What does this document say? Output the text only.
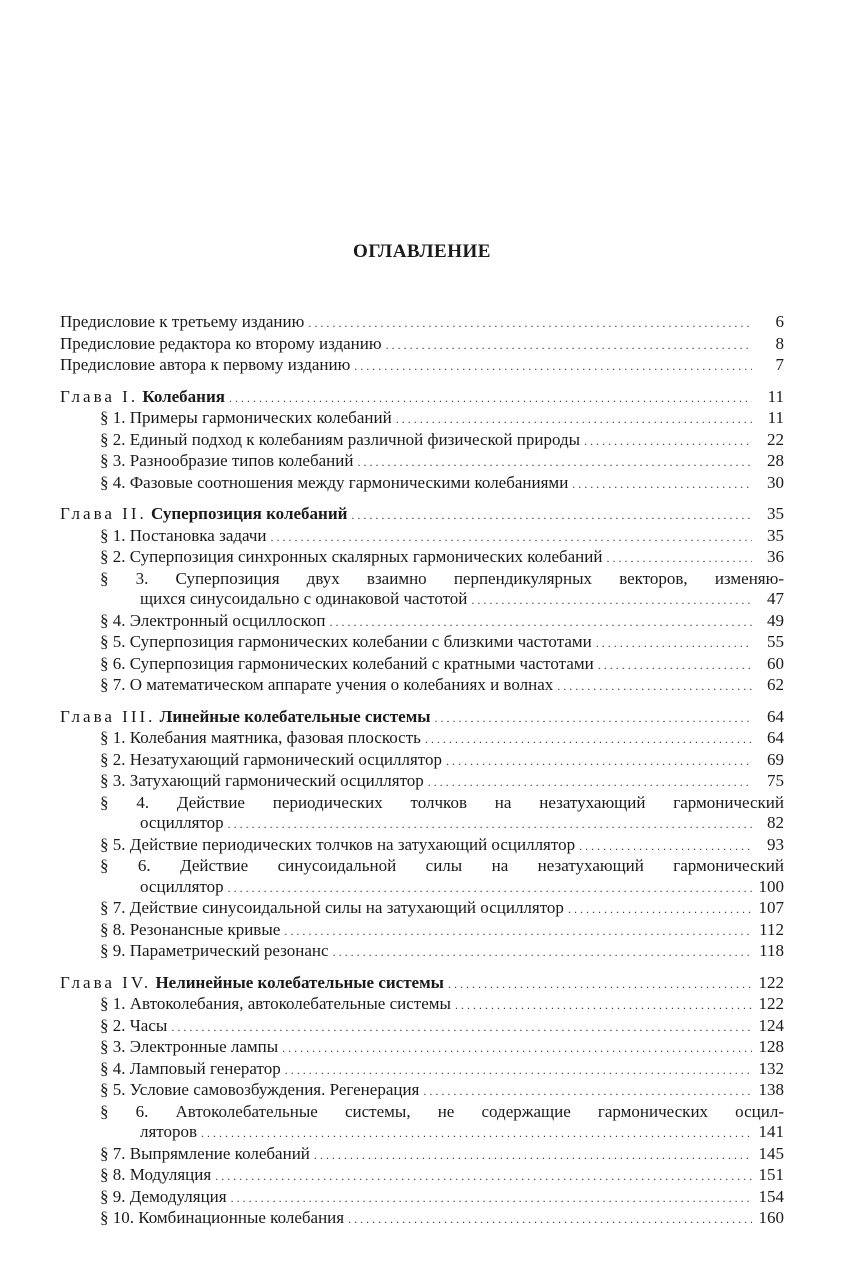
ОГЛАВЛЕНИЕ
Предисловие к третьему изданию . . .	6
Предисловие редактора ко второму изданию . . .	8
Предисловие автора к первому изданию . . .	7
Глава I. Колебания . . .	11
§ 1. Примеры гармонических колебаний . . .	11
§ 2. Единый подход к колебаниям различной физической природы . . .	22
§ 3. Разнообразие типов колебаний . . .	28
§ 4. Фазовые соотношения между гармоническими колебаниями . . .	30
Глава II. Суперпозиция колебаний . . .	35
§ 1. Постановка задачи . . .	35
§ 2. Суперпозиция синхронных скалярных гармонических колебаний . . .	36
§ 3. Суперпозиция двух взаимно перпендикулярных векторов, изменяю-
щихся синусоидально с одинаковой частотой . . .	47
§ 4. Электронный осциллоскоп . . .	49
§ 5. Суперпозиция гармонических колебании с близкими частотами . . .	55
§ 6. Суперпозиция гармонических колебаний с кратными частотами . . .	60
§ 7. О математическом аппарате учения о колебаниях и волнах . . .	62
Глава III. Линейные колебательные системы . . .	64
§ 1. Колебания маятника, фазовая плоскость . . .	64
§ 2. Незатухающий гармонический осциллятор . . .	69
§ 3. Затухающий гармонический осциллятор . . .	75
§ 4. Действие периодических толчков на незатухающий гармонический
осциллятор . . .	82
§ 5. Действие периодических толчков на затухающий осциллятор . . .	93
§ 6. Действие синусоидальной силы на незатухающий гармонический
осциллятор . . .	100
§ 7. Действие синусоидальной силы на затухающий осциллятор . . .	107
§ 8. Резонансные кривые . . .	112
§ 9. Параметрический резонанс . . .	118
Глава IV. Нелинейные колебательные системы . . .	122
§ 1. Автоколебания, автоколебательные системы . . .	122
§ 2. Часы . . .	124
§ 3. Электронные лампы . . .	128
§ 4. Ламповый генератор . . .	132
§ 5. Условие самовозбуждения. Регенерация . . .	138
§ 6. Автоколебательные системы, не содержащие гармонических осцил-
ляторов . . .	141
§ 7. Выпрямление колебаний . . .	145
§ 8. Модуляция . . .	151
§ 9. Демодуляция . . .	154
§ 10. Комбинационные колебания . . .	160
